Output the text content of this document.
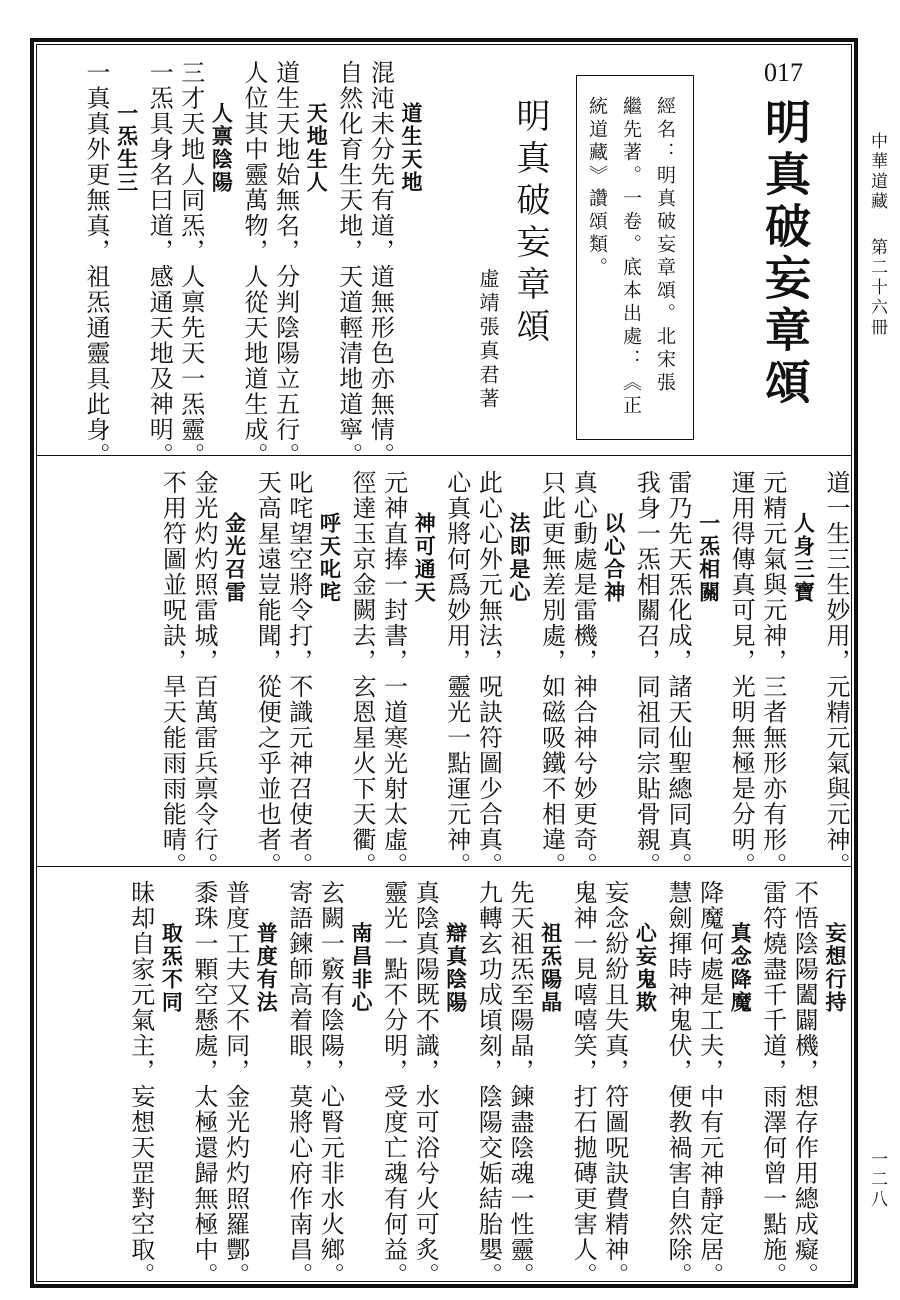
中華道藏
第二十六冊
一二八
017
明真破妄章頌
經名：明真破妄章頌。北宋張
繼先著。一卷。底本出處：《正
統道藏》讚頌類。
明真破妄章頌
虛靖張真君著
道生天地
混沌未分先有道，道無形色亦無情。
自然化育生天地，天道輕清地道寧。
天地生人
道生天地始無名，分判陰陽立五行。
人位其中靈萬物，人從天地道生成。
人禀陰陽
三才天地人同炁，人禀先天一炁靈。
一炁具身名曰道，感通天地及神明。
一炁生三
一真真外更無真，祖炁通靈具此身。
道一生三生妙用，元精元氣與元神。
人身三寶
元精元氣與元神，三者無形亦有形。
運用得傳真可見，光明無極是分明。
一炁相關
雷乃先天炁化成，諸天仙聖總同真。
我身一炁相關召，同祖同宗貼骨親。
以心合神
真心動處是雷機，神合神兮妙更奇。
只此更無差別處，如磁吸鐵不相違。
法即是心
此心心外元無法，呪訣符圖少合真。
心真將何爲妙用，靈光一點運元神。
神可通天
元神直捧一封書，一道寒光射太虛。
徑達玉京金闕去，玄恩星火下天衢。
呼天叱咤
叱咤望空將令打，不識元神召使者。
天高星遠豈能聞，從便之乎並也者。
金光召雷
金光灼灼照雷城，百萬雷兵禀令行。
不用符圖並呪訣，旱天能雨雨能晴。
妄想行持
不悟陰陽闔闢機，想存作用總成癡。
雷符燒盡千千道，雨澤何曾一點施。
真念降魔
降魔何處是工夫，中有元神靜定居。
慧劍揮時神鬼伏，便教禍害自然除。
心妄鬼欺
妄念紛紛且失真，符圖呪訣費精神。
鬼神一見嘻嘻笑，打石拋磚更害人。
祖炁陽晶
先天祖炁至陽晶，鍊盡陰魂一性靈。
九轉玄功成頃刻，陰陽交姤結胎嬰。
辯真陰陽
真陰真陽既不識，水可浴兮火可炙。
靈光一點不分明，受度亡魂有何益。
南昌非心
玄闕一竅有陰陽，心腎元非水火鄉。
寄語鍊師高着眼，莫將心府作南昌。
普度有法
普度工夫又不同，金光灼灼照羅酆。
黍珠一顆空懸處，太極還歸無極中。
取炁不同
昧却自家元氣主，妄想天罡對空取。
